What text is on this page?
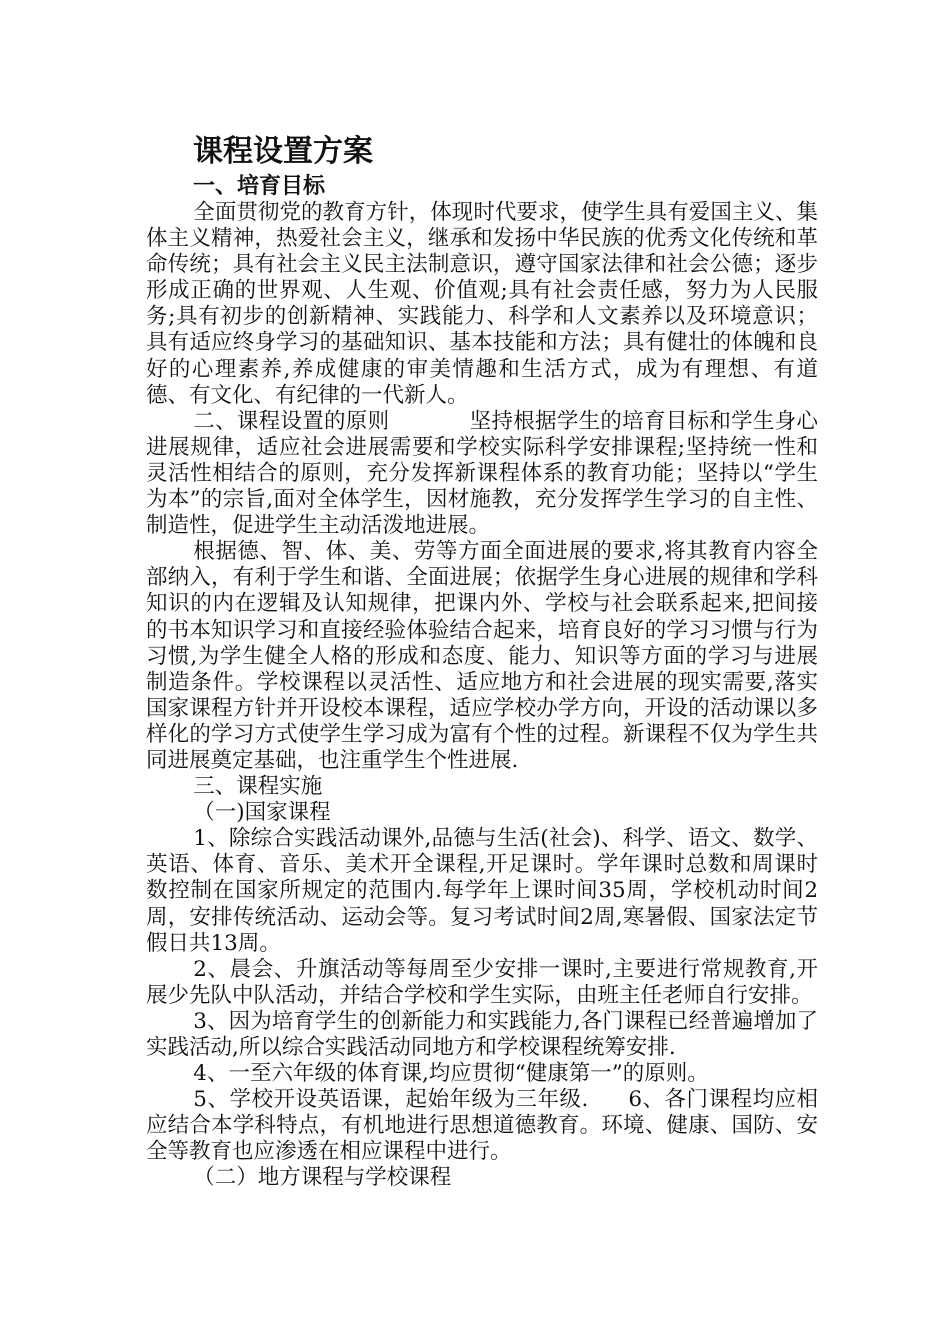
课程设置方案
一、培育目标

全面贯彻党的教育方针，体现时代要求，使学生具有爱国主义、集体主义精神，热爱社会主义，继承和发扬中华民族的优秀文化传统和革命传统；具有社会主义民主法制意识，遵守国家法律和社会公德；逐步形成正确的世界观、人生观、价值观;具有社会责任感，努力为人民服务;具有初步的创新精神、实践能力、科学和人文素养以及环境意识；具有适应终身学习的基础知识、基本技能和方法；具有健壮的体魄和良好的心理素养,养成健康的审美情趣和生活方式，成为有理想、有道德、有文化、有纪律的一代新人。

二、课程设置的原则	坚持根据学生的培育目标和学生身心进展规律，适应社会进展需要和学校实际科学安排课程;坚持统一性和灵活性相结合的原则，充分发挥新课程体系的教育功能；坚持以“学生为本”的宗旨,面对全体学生，因材施教，充分发挥学生学习的自主性、制造性，促进学生主动活泼地进展。

根据德、智、体、美、劳等方面全面进展的要求,将其教育内容全部纳入，有利于学生和谐、全面进展；依据学生身心进展的规律和学科知识的内在逻辑及认知规律，把课内外、学校与社会联系起来,把间接的书本知识学习和直接经验体验结合起来，培育良好的学习习惯与行为习惯,为学生健全人格的形成和态度、能力、知识等方面的学习与进展制造条件。学校课程以灵活性、适应地方和社会进展的现实需要,落实国家课程方针并开设校本课程，适应学校办学方向，开设的活动课以多样化的学习方式使学生学习成为富有个性的过程。新课程不仅为学生共同进展奠定基础，也注重学生个性进展.

三、课程实施

（一)国家课程

1、除综合实践活动课外,品德与生活(社会)、科学、语文、数学、英语、体育、音乐、美术开全课程,开足课时。学年课时总数和周课时数控制在国家所规定的范围内.每学年上课时间35周，学校机动时间2周，安排传统活动、运动会等。复习考试时间2周,寒暑假、国家法定节假日共13周。

2、晨会、升旗活动等每周至少安排一课时,主要进行常规教育,开展少先队中队活动，并结合学校和学生实际，由班主任老师自行安排。

3、因为培育学生的创新能力和实践能力,各门课程已经普遍增加了实践活动,所以综合实践活动同地方和学校课程统筹安排.

4、一至六年级的体育课,均应贯彻“健康第一”的原则。

5、学校开设英语课，起始年级为三年级. 6、各门课程均应相应结合本学科特点，有机地进行思想道德教育。环境、健康、国防、安全等教育也应渗透在相应课程中进行。

（二）地方课程与学校课程
